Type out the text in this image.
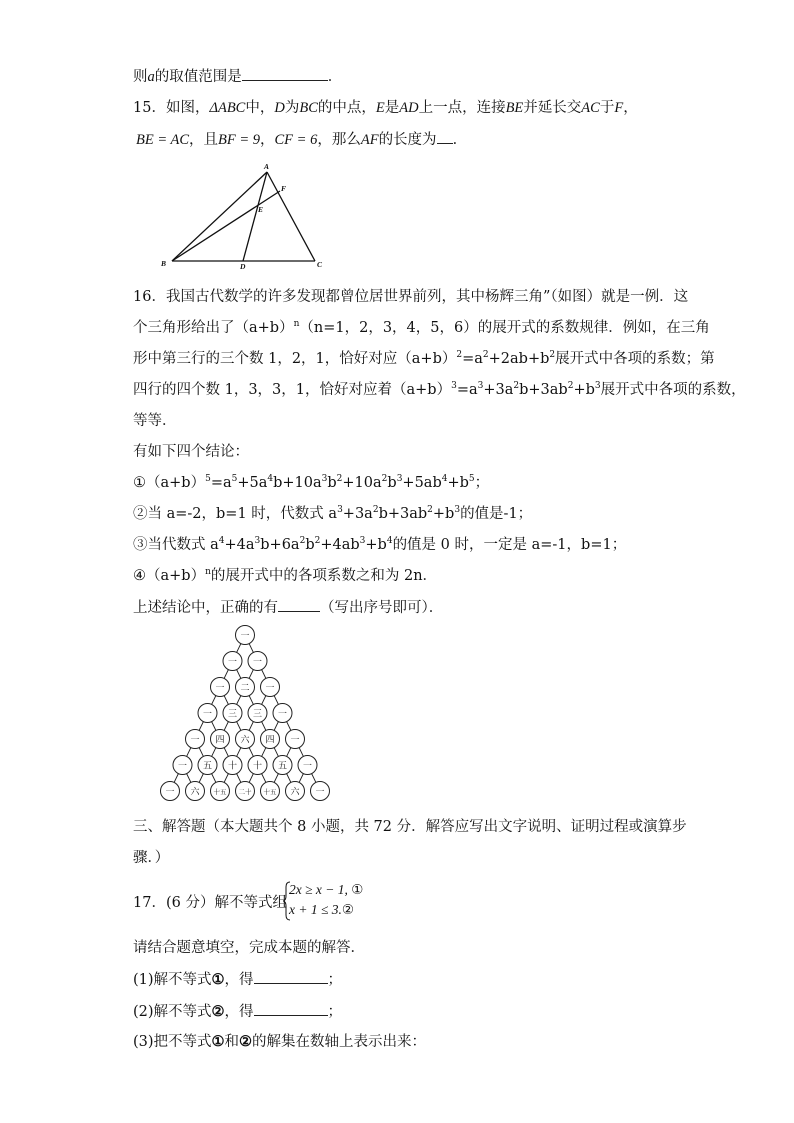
则a的取值范围是	．
15．如图，ΔABC中，D为BC的中点，E是AD上一点，连接BE并延长交AC于F，
BE = AC，且BF = 9，CF = 6，那么AF的长度为 ．
A
B	C
D
E
F
16．我国古代数学的许多发现都曾位居世界前列，其中杨辉三角”（如图）就是一例．这
个三角形给出了$(a+b)^n(n=1$，2，3，4，5，6）的展开式的系数规律．例如，在三角
形中第三行的三个数 1，2，1，恰好对应$(a+b)^2=a^2+2ab+b^2$展开式中各项的系数；第
四行的四个数 1，3，3，1，恰好对应着$(a+b)^3=a^3+3a^2b+3ab^2+b^3$展开式中各项的系数，
等等．
有如下四个结论：
$①(a+b)^5=a^5+5a^4b+10a^3b^2+10a^2b^3+5ab^4+b^5$；
②当 a=-2，b=1 时，代数式 $a^3+3a^2b+3ab^2+b^3$的值是-1；
③当代数式 $a^4+4a^3b+6a^2b^2+4ab^3+b^4$的值是 0 时，一定是 a=-1，b=1；
$④(a+b)^n$的展开式中的各项系数之和为 2n．
上述结论中，正确的有	（写出序号即可）．
一
一 一
一 二 一
一 三 三 一
一 四 六 四 一
一 五 十 十 五 一
一 六 十五 二十 十五 六 一
三、解答题（本大题共个 8 小题，共 72 分．解答应写出文字说明、证明过程或演算步
骤．）
17．(6 分）解不等式组
2x ≥ x − 1, ①
x + 1 ≤ 3.②
请结合题意填空，完成本题的解答．
(1)解不等式①，得	；
(2)解不等式②，得	；
(3)把不等式①和②的解集在数轴上表示出来：
